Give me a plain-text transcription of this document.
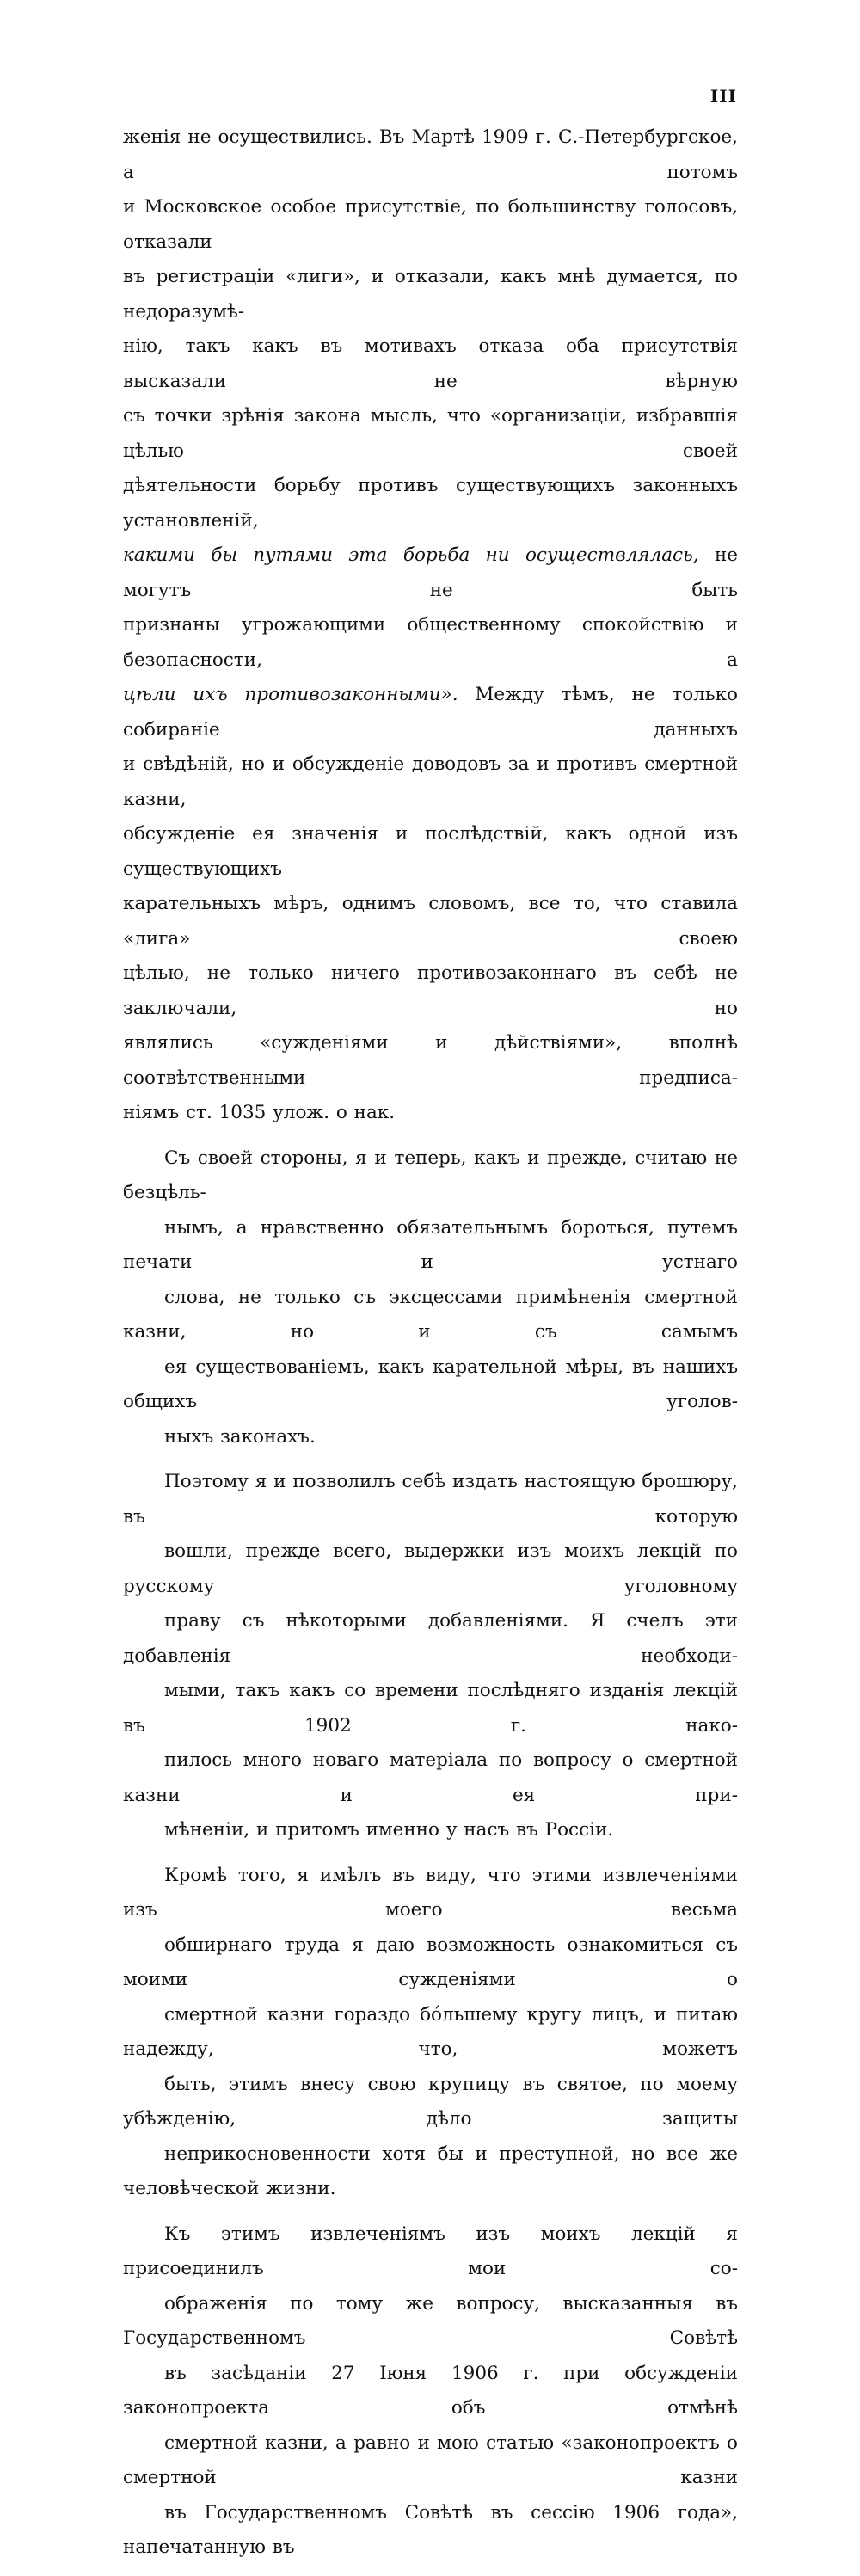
III

женія не осуществились. Въ Мартѣ 1909 г. С.-Петербургское, а потомъ
и Московское особое присутствіе, по большинству голосовъ, отказали
въ регистраціи «лиги», и отказали, какъ мнѣ думается, по недоразумѣ-
нію, такъ какъ въ мотивахъ отказа оба присутствія высказали не вѣрную
съ точки зрѣнія закона мысль, что «организаціи, избравшія цѣлью своей
дѣятельности борьбу противъ существующихъ законныхъ установленій,
какими бы путями эта борьба ни осуществлялась, не могутъ не быть
признаны угрожающими общественному спокойствію и безопасности, а
цѣли ихъ противозаконными». Между тѣмъ, не только собираніе данныхъ
и свѣдѣній, но и обсужденіе доводовъ за и противъ смертной казни,
обсужденіе ея значенія и послѣдствій, какъ одной изъ существующихъ
карательныхъ мѣръ, однимъ словомъ, все то, что ставила «лига» своею
цѣлью, не только ничего противозаконнаго въ себѣ не заключали, но
являлись «сужденіями и дѣйствіями», вполнѣ соотвѣтственными предписа-
ніямъ ст. 1035 улож. о нак.

Съ своей стороны, я и теперь, какъ и прежде, считаю не безцѣль-
нымъ, а нравственно обязательнымъ бороться, путемъ печати и устнаго
слова, не только съ эксцессами примѣненія смертной казни, но и съ самымъ
ея существованіемъ, какъ карательной мѣры, въ нашихъ общихъ уголов-
ныхъ законахъ.

Поэтому я и позволилъ себѣ издать настоящую брошюру, въ которую
вошли, прежде всего, выдержки изъ моихъ лекцій по русскому уголовному
праву съ нѣкоторыми добавленіями. Я счелъ эти добавленія необходи-
мыми, такъ какъ со времени послѣдняго изданія лекцій въ 1902 г. нако-
пилось много новаго матеріала по вопросу о смертной казни и ея при-
мѣненіи, и притомъ именно у насъ въ Россіи.

Кромѣ того, я имѣлъ въ виду, что этими извлеченіями изъ моего весьма
обширнаго труда я даю возможность ознакомиться съ моими сужденіями о
смертной казни гораздо бо́льшему кругу лицъ, и питаю надежду, что, можетъ
быть, этимъ внесу свою крупицу въ святое, по моему убѣжденію, дѣло защиты
неприкосновенности хотя бы и преступной, но все же человѣческой жизни.

Къ этимъ извлеченіямъ изъ моихъ лекцій я присоединилъ мои со-
ображенія по тому же вопросу, высказанныя въ Государственномъ Совѣтѣ
въ засѣданіи 27 Іюня 1906 г. при обсужденіи законопроекта объ отмѣнѣ
смертной казни, а равно и мою статью «законопроектъ о смертной казни
въ Государственномъ Совѣтѣ въ сессію 1906 года», напечатанную въ
